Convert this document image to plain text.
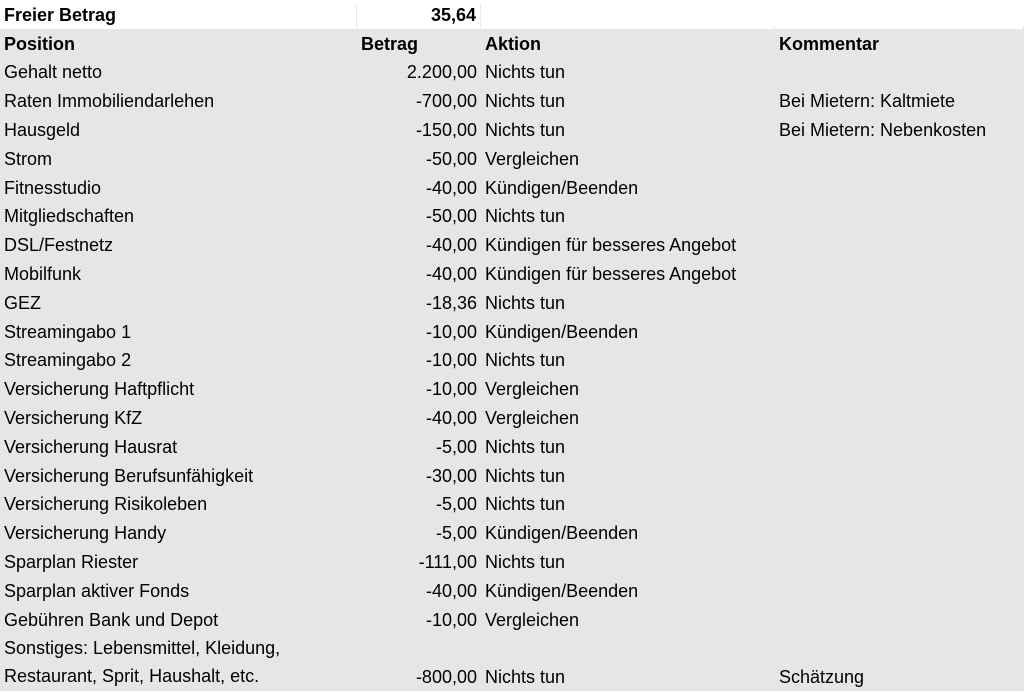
Freier Betrag	35,64
Position	Betrag	Aktion	Kommentar
Gehalt netto	2.200,00 Nichts tun
Raten Immobiliendarlehen	-700,00 Nichts tun	Bei Mietern: Kaltmiete
Hausgeld	-150,00 Nichts tun	Bei Mietern: Nebenkosten
Strom	-50,00 Vergleichen
Fitnesstudio	-40,00 Kündigen/Beenden
Mitgliedschaften	-50,00 Nichts tun
DSL/Festnetz	-40,00 Kündigen für besseres Angebot
Mobilfunk	-40,00 Kündigen für besseres Angebot
GEZ	-18,36 Nichts tun
Streamingabo 1	-10,00 Kündigen/Beenden
Streamingabo 2	-10,00 Nichts tun
Versicherung Haftpflicht	-10,00 Vergleichen
Versicherung KfZ	-40,00 Vergleichen
Versicherung Hausrat	-5,00 Nichts tun
Versicherung Berufsunfähigkeit	-30,00 Nichts tun
Versicherung Risikoleben	-5,00 Nichts tun
Versicherung Handy	-5,00 Kündigen/Beenden
Sparplan Riester	-111,00 Nichts tun
Sparplan aktiver Fonds	-40,00 Kündigen/Beenden
Gebühren Bank und Depot	-10,00 Vergleichen
Sonstiges: Lebensmittel, Kleidung,
Restaurant, Sprit, Haushalt, etc.	-800,00 Nichts tun	Schätzung
